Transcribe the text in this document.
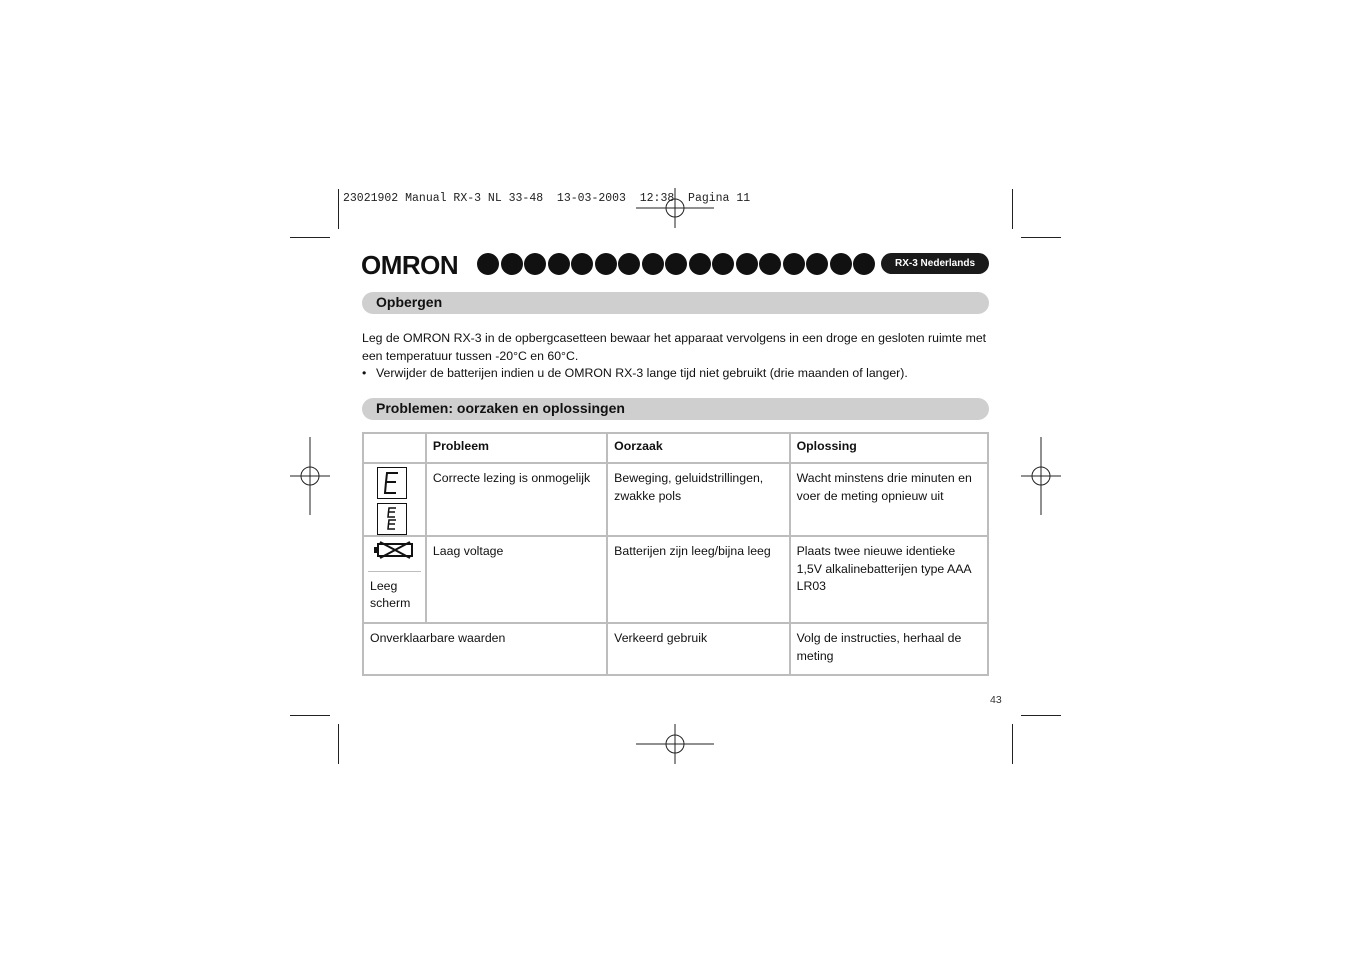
23021902 Manual RX-3 NL 33-48  13-03-2003  12:38  Pagina 11
OMRON	RX-3 Nederlands
Opbergen
Leg de OMRON RX-3 in de opbergcasetteen bewaar het apparaat vervolgens in een droge en gesloten ruimte met een temperatuur tussen -20°C en 60°C.
• Verwijder de batterijen indien u de OMRON RX-3 lange tijd niet gebruikt (drie maanden of langer).
Problemen: oorzaken en oplossingen
	Probleem	Oorzaak	Oplossing

	Correcte lezing is onmogelijk	Beweging, geluidstrillingen, zwakke pols	Wacht minstens drie minuten en voer de meting opnieuw uit

Leeg scherm	Laag voltage	Batterijen zijn leeg/bijna leeg	Plaats twee nieuwe identieke 1,5V alkalinebatterijen type AAA LR03
Onverklaarbare waarden		Verkeerd gebruik	Volg de instructies, herhaal de meting
43
